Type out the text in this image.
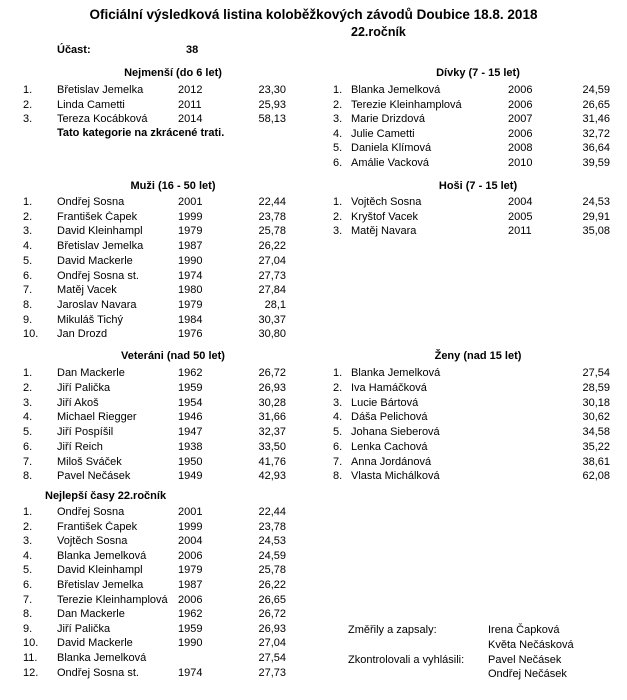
Oficiální výsledková listina koloběžkových závodů Doubice 18.8. 2018
22.ročník
Účast:	38
Nejmenší (do 6 let)
1. Břetislav Jemelka	2012	23,30
2. Linda Cametti	2011	25,93
3. Tereza Kocábková	2014	58,13
Dívky (7 - 15 let)
1. Blanka Jemelková	2006	24,59
2. Terezie Kleinhamplová	2006	26,65
3. Marie Drizdová	2007	31,46
4. Julie Cametti	2006	32,72
5. Daniela Klímová	2008	36,64
6. Amálie Vacková	2010	39,59
Muži (16 - 50 let)
1. Ondřej Sosna	2001	22,44
2. František Čapek	1999	23,78
3. David Kleinhampl	1979	25,78
4. Břetislav Jemelka	1987	26,22
5. David Mackerle	1990	27,04
6. Ondřej Sosna st.	1974	27,73
7. Matěj Vacek	1980	27,84
8. Jaroslav Navara	1979	28,1
9. Mikuláš Tichý	1984	30,37
10. Jan Drozd	1976	30,80
Hoši (7 - 15 let)
1. Vojtěch Sosna	2004	24,53
2. Kryštof Vacek	2005	29,91
3. Matěj Navara	2011	35,08
Veteráni (nad 50 let)
1. Dan Mackerle	1962	26,72
2. Jiří Palička	1959	26,93
3. Jiří Akoš	1954	30,28
4. Michael Riegger	1946	31,66
5. Jiří Pospíšil	1947	32,37
6. Jiří Reich	1938	33,50
7. Miloš Sváček	1950	41,76
8. Pavel Nečásek	1949	42,93
Ženy (nad 15 let)
1. Blanka Jemelková	27,54
2. Iva Hamáčková	28,59
3. Lucie Bártová	30,18
4. Dáša Pelichová	30,62
5. Johana Sieberová	34,58
6. Lenka Cachová	35,22
7. Anna Jordánová	38,61
8. Vlasta Michálková	62,08
Nejlepší časy 22.ročník
1. Ondřej Sosna	2001	22,44
2. František Čapek	1999	23,78
3. Vojtěch Sosna	2004	24,53
4. Blanka Jemelková	2006	24,59
5. David Kleinhampl	1979	25,78
6. Břetislav Jemelka	1987	26,22
7. Terezie Kleinhamplová 2006	26,65
8. Dan Mackerle	1962	26,72
9. Jiří Palička	1959	26,93
10. David Mackerle	1990	27,04
11. Blanka Jemelková	27,54
12. Ondřej Sosna st.	1974	27,73
Tato kategorie na zkrácené trati.
Změřily a zapsaly:	Irena Čapková
Květa Nečásková
Zkontrolovali a vyhlásili: Pavel Nečásek
Ondřej Nečásek
